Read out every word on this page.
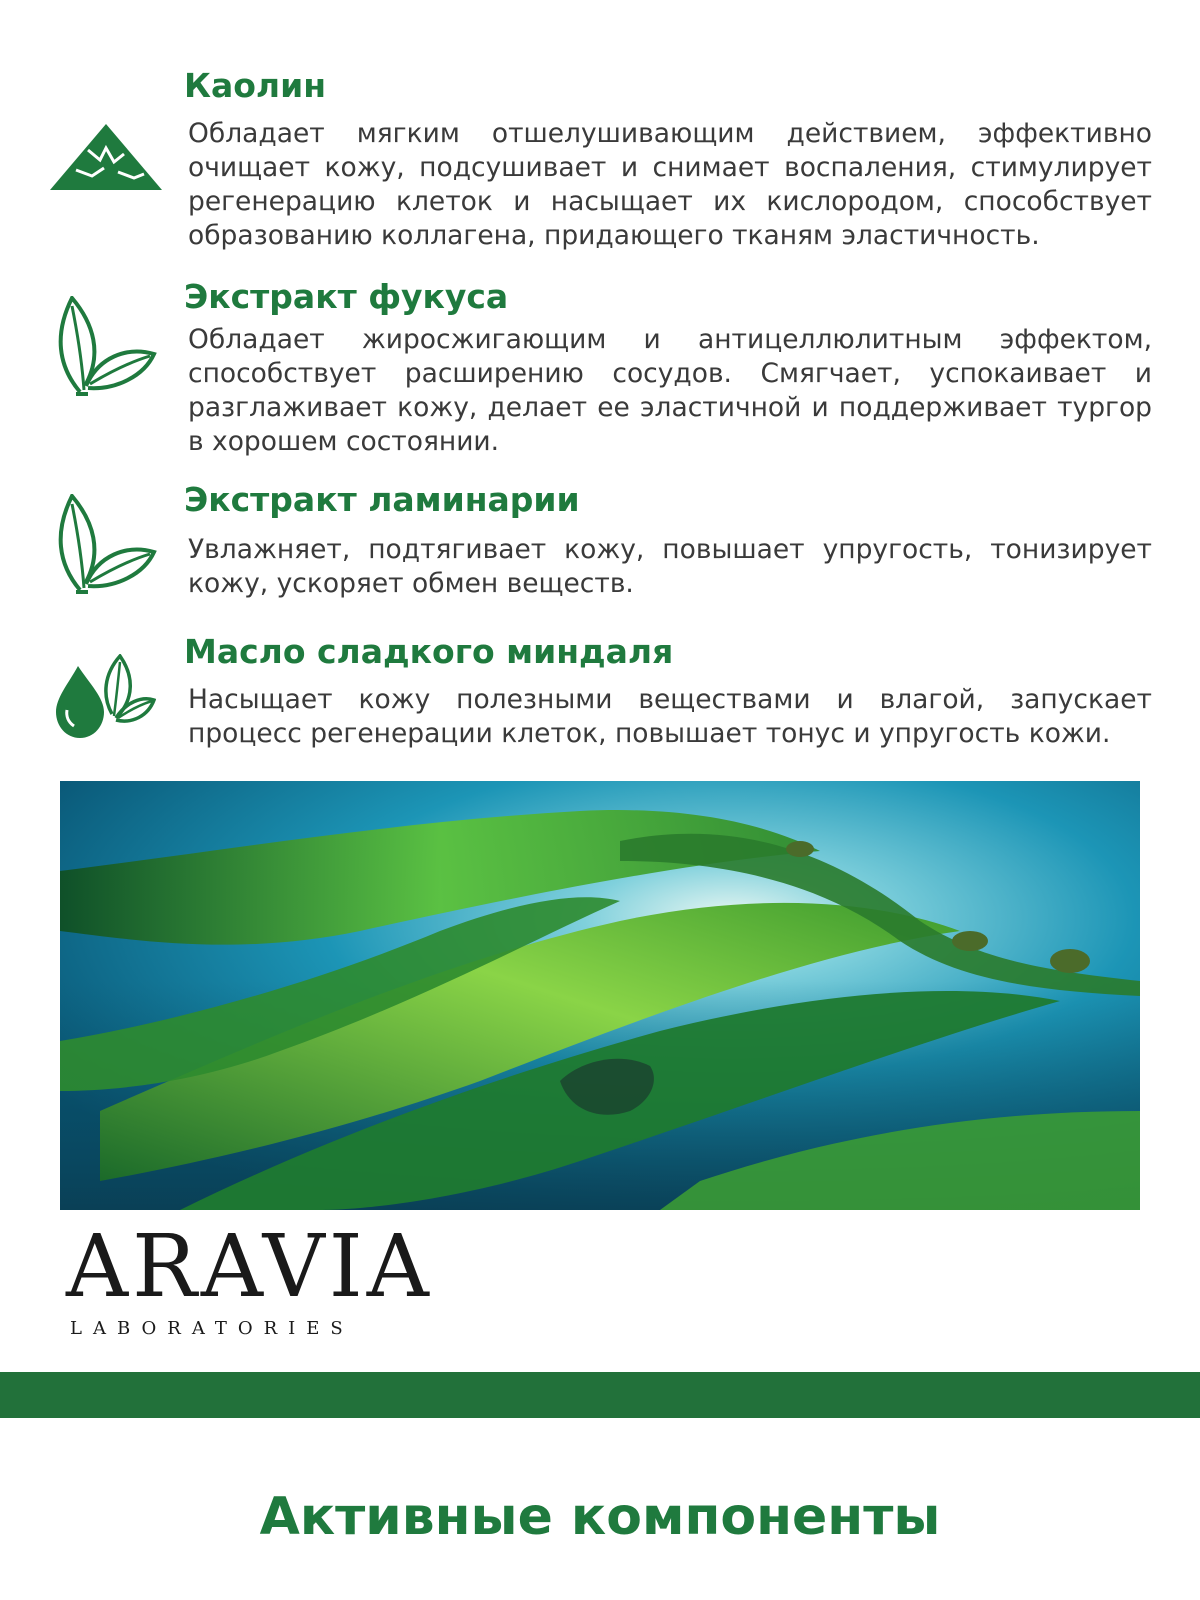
Каолин

Обладает мягким отшелушивающим действием, эффективно очищает кожу, подсушивает и снимает воспаления, стимулирует регенерацию клеток и насыщает их кислородом, способствует образованию коллагена, придающего тканям эластичность.

Экстракт фукуса

Обладает жиросжигающим и антицеллюлитным эффектом, способствует расширению сосудов. Смягчает, успокаивает и разглаживает кожу, делает ее эластичной и поддерживает тургор в хорошем состоянии.

Экстракт ламинарии

Увлажняет, подтягивает кожу, повышает упругость, тонизирует кожу, ускоряет обмен веществ.

Масло сладкого миндаля

Насыщает кожу полезными веществами и влагой, запускает процесс регенерации клеток, повышает тонус и упругость кожи.

ARAVIA
LABORATORIES
Активные компоненты
